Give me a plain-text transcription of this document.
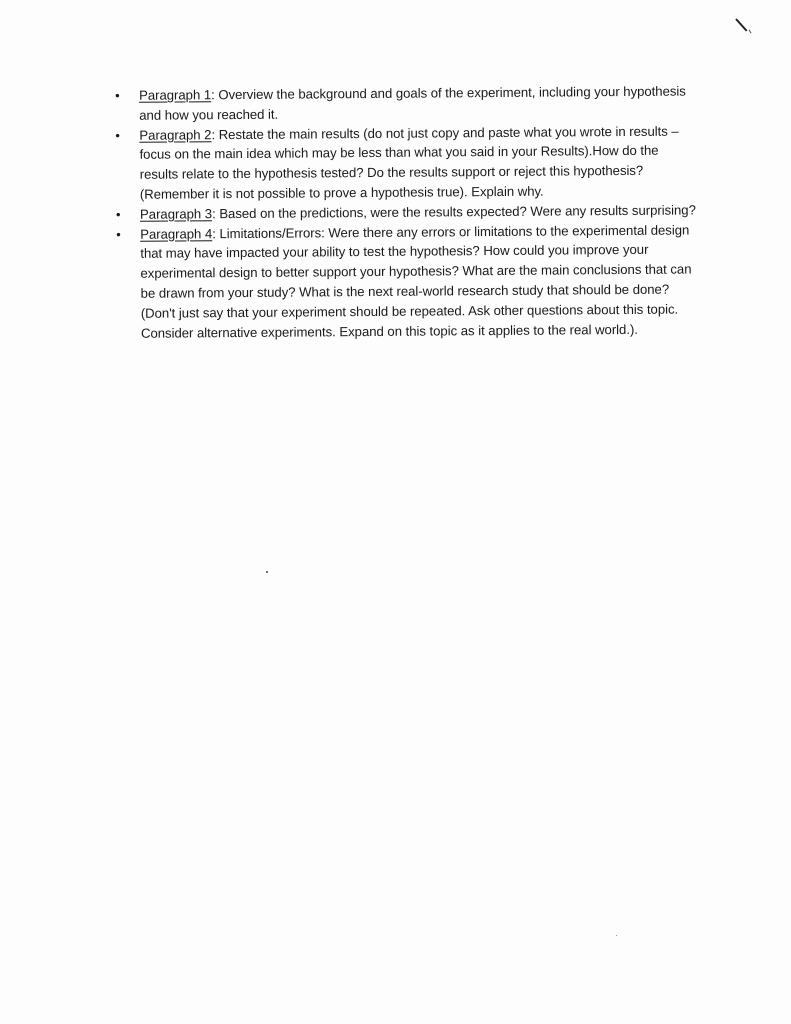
• Paragraph 1: Overview the background and goals of the experiment, including your hypothesis and how you reached it.
• Paragraph 2: Restate the main results (do not just copy and paste what you wrote in results – focus on the main idea which may be less than what you said in your Results).How do the results relate to the hypothesis tested? Do the results support or reject this hypothesis? (Remember it is not possible to prove a hypothesis true). Explain why.
• Paragraph 3: Based on the predictions, were the results expected? Were any results surprising?
• Paragraph 4: Limitations/Errors: Were there any errors or limitations to the experimental design that may have impacted your ability to test the hypothesis? How could you improve your experimental design to better support your hypothesis? What are the main conclusions that can be drawn from your study? What is the next real-world research study that should be done? (Don't just say that your experiment should be repeated. Ask other questions about this topic. Consider alternative experiments. Expand on this topic as it applies to the real world.).
